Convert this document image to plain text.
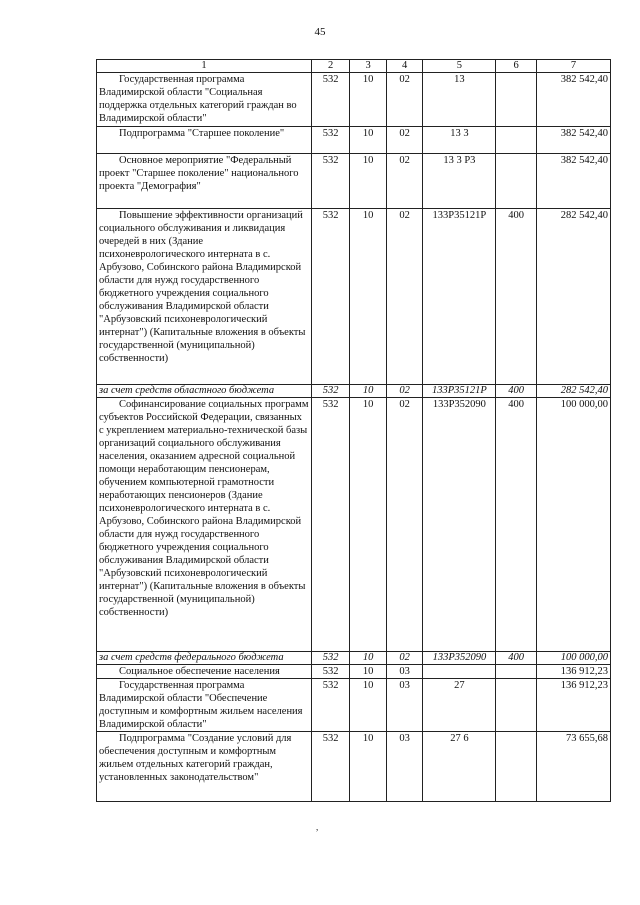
45
1	2	3	4	5	6	7
Государственная программа Владимирской области "Социальная поддержка отдельных категорий граждан во Владимирской области"	532	10	02	13		382 542,40
Подпрограмма "Старшее поколение"	532	10	02	13 3		382 542,40
Основное мероприятие "Федеральный проект "Старшее поколение" национального проекта "Демография"	532	10	02	13 3 P3		382 542,40
Повышение эффективности организаций социального обслуживания и ликвидация очередей в них (Здание психоневрологического интерната в с. Арбузово, Собинского района Владимирской области для нужд государственного бюджетного учреждения социального обслуживания Владимирской области "Арбузовский психоневрологический интернат") (Капитальные вложения в объекты государственной (муниципальной) собственности)	532	10	02	133P35121P	400	282 542,40
за счет средств областного бюджета	532	10	02	133P35121P	400	282 542,40
Софинансирование социальных программ субъектов Российской Федерации, связанных с укреплением материально-технической базы организаций социального обслуживания населения, оказанием адресной социальной помощи неработающим пенсионерам, обучением компьютерной грамотности неработающих пенсионеров (Здание психоневрологического интерната в с. Арбузово, Собинского района Владимирской области для нужд государственного бюджетного учреждения социального обслуживания Владимирской области "Арбузовский психоневрологический интернат") (Капитальные вложения в объекты государственной (муниципальной) собственности)	532	10	02	133P352090	400	100 000,00
за счет средств федерального бюджета	532	10	02	133P352090	400	100 000,00
Социальное обеспечение населения	532	10	03			136 912,23
Государственная программа Владимирской области "Обеспечение доступным и комфортным жильем населения Владимирской области"	532	10	03	27		136 912,23
Подпрограмма "Создание условий для обеспечения доступным и комфортным жильем отдельных категорий граждан, установленных законодательством"	532	10	03	27 6		73 655,68
,
